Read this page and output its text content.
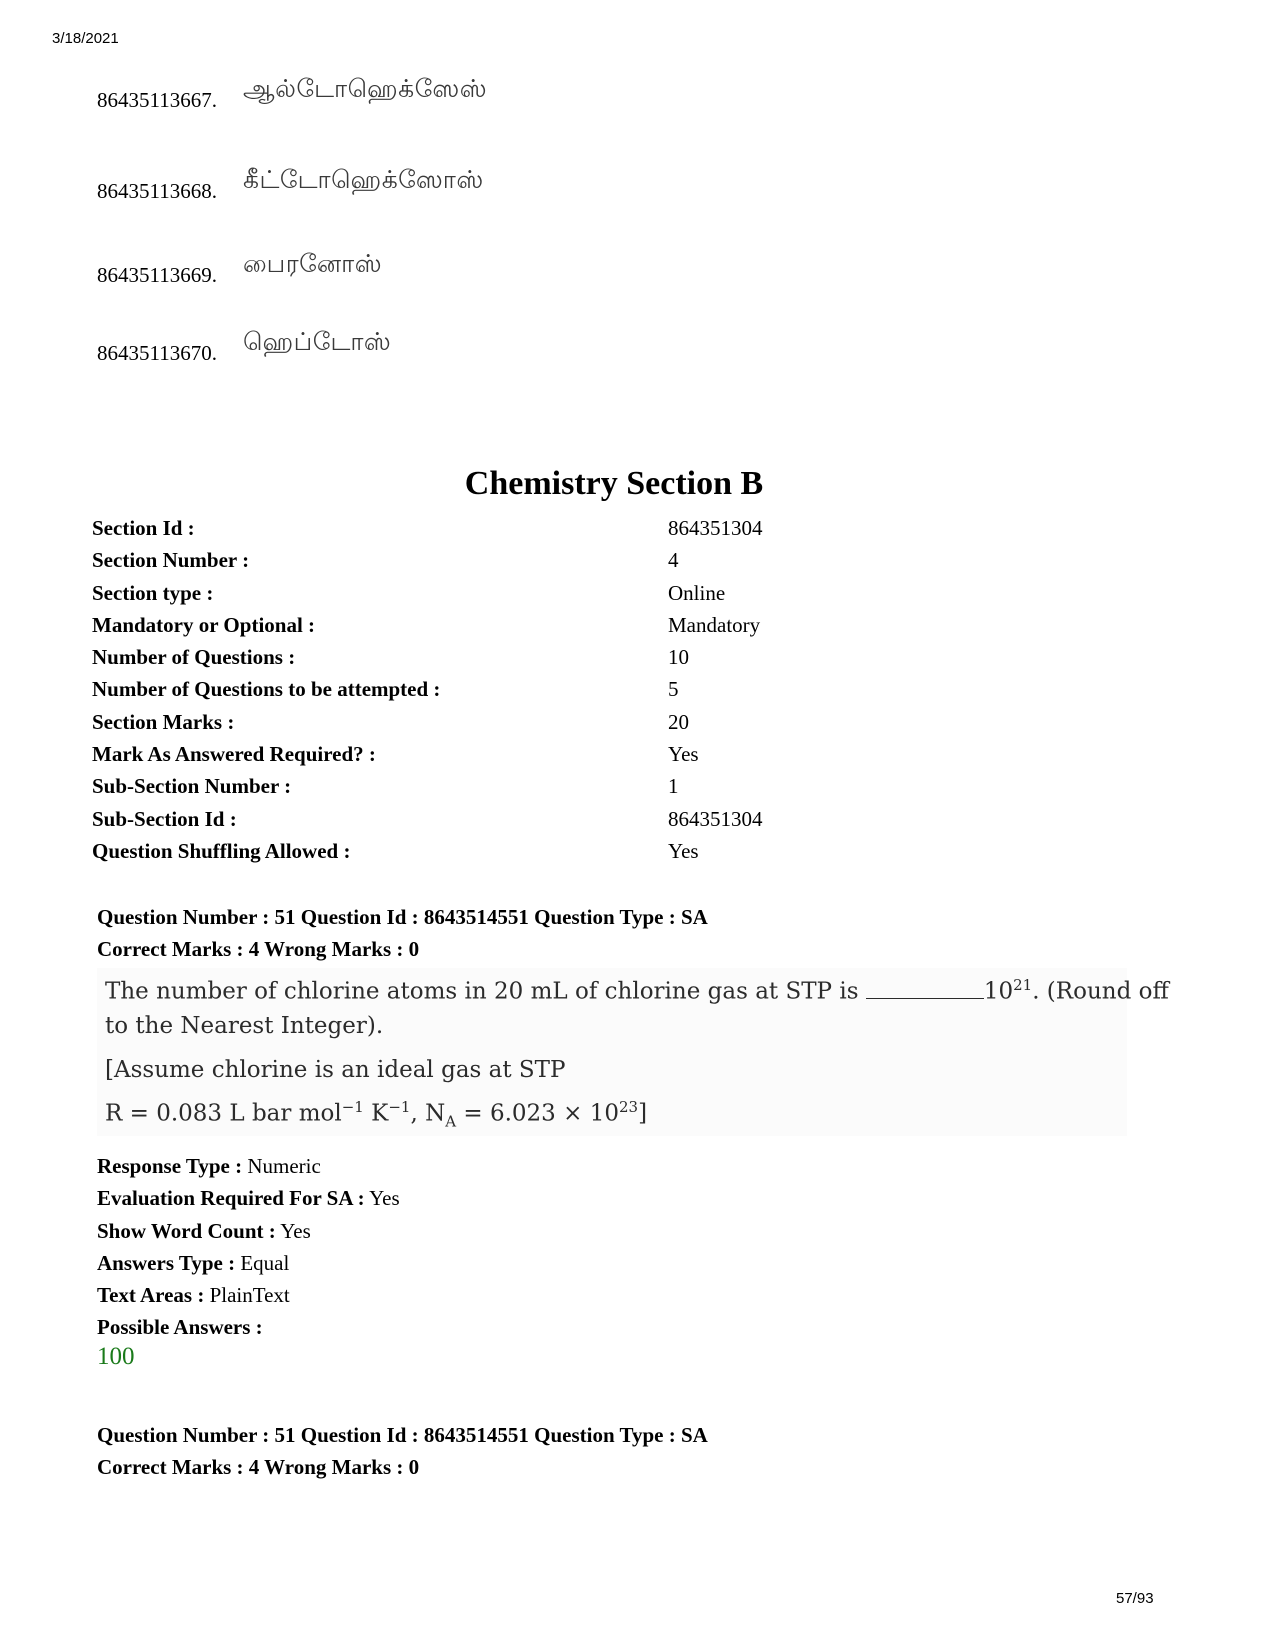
3/18/2021
86435113667. ஆல்டோஹெக்ஸேஸ்
86435113668. கீட்டோஹெக்ஸோஸ்
86435113669. பைரனோஸ்
86435113670. ஹெப்டோஸ்
Chemistry Section B
Section Id :	864351304
Section Number :	4
Section type :	Online
Mandatory or Optional :	Mandatory
Number of Questions :	10
Number of Questions to be attempted :	5
Section Marks :	20
Mark As Answered Required? :	Yes
Sub-Section Number :	1
Sub-Section Id :	864351304
Question Shuffling Allowed :	Yes
Question Number : 51 Question Id : 8643514551 Question Type : SA
Correct Marks : 4 Wrong Marks : 0
The number of chlorine atoms in 20 mL of chlorine gas at STP is	$10^{21}$. (Round off
to the Nearest Integer).
[Assume chlorine is an ideal gas at STP
R = 0.083 L bar mol$^{-1}$ $K^{-1}$, $N_A = 6.023 \times 10^{23}$]
Response Type : Numeric
Evaluation Required For SA : Yes
Show Word Count : Yes
Answers Type : Equal
Text Areas : PlainText
Possible Answers :
100
Question Number : 51 Question Id : 8643514551 Question Type : SA
Correct Marks : 4 Wrong Marks : 0
57/93
